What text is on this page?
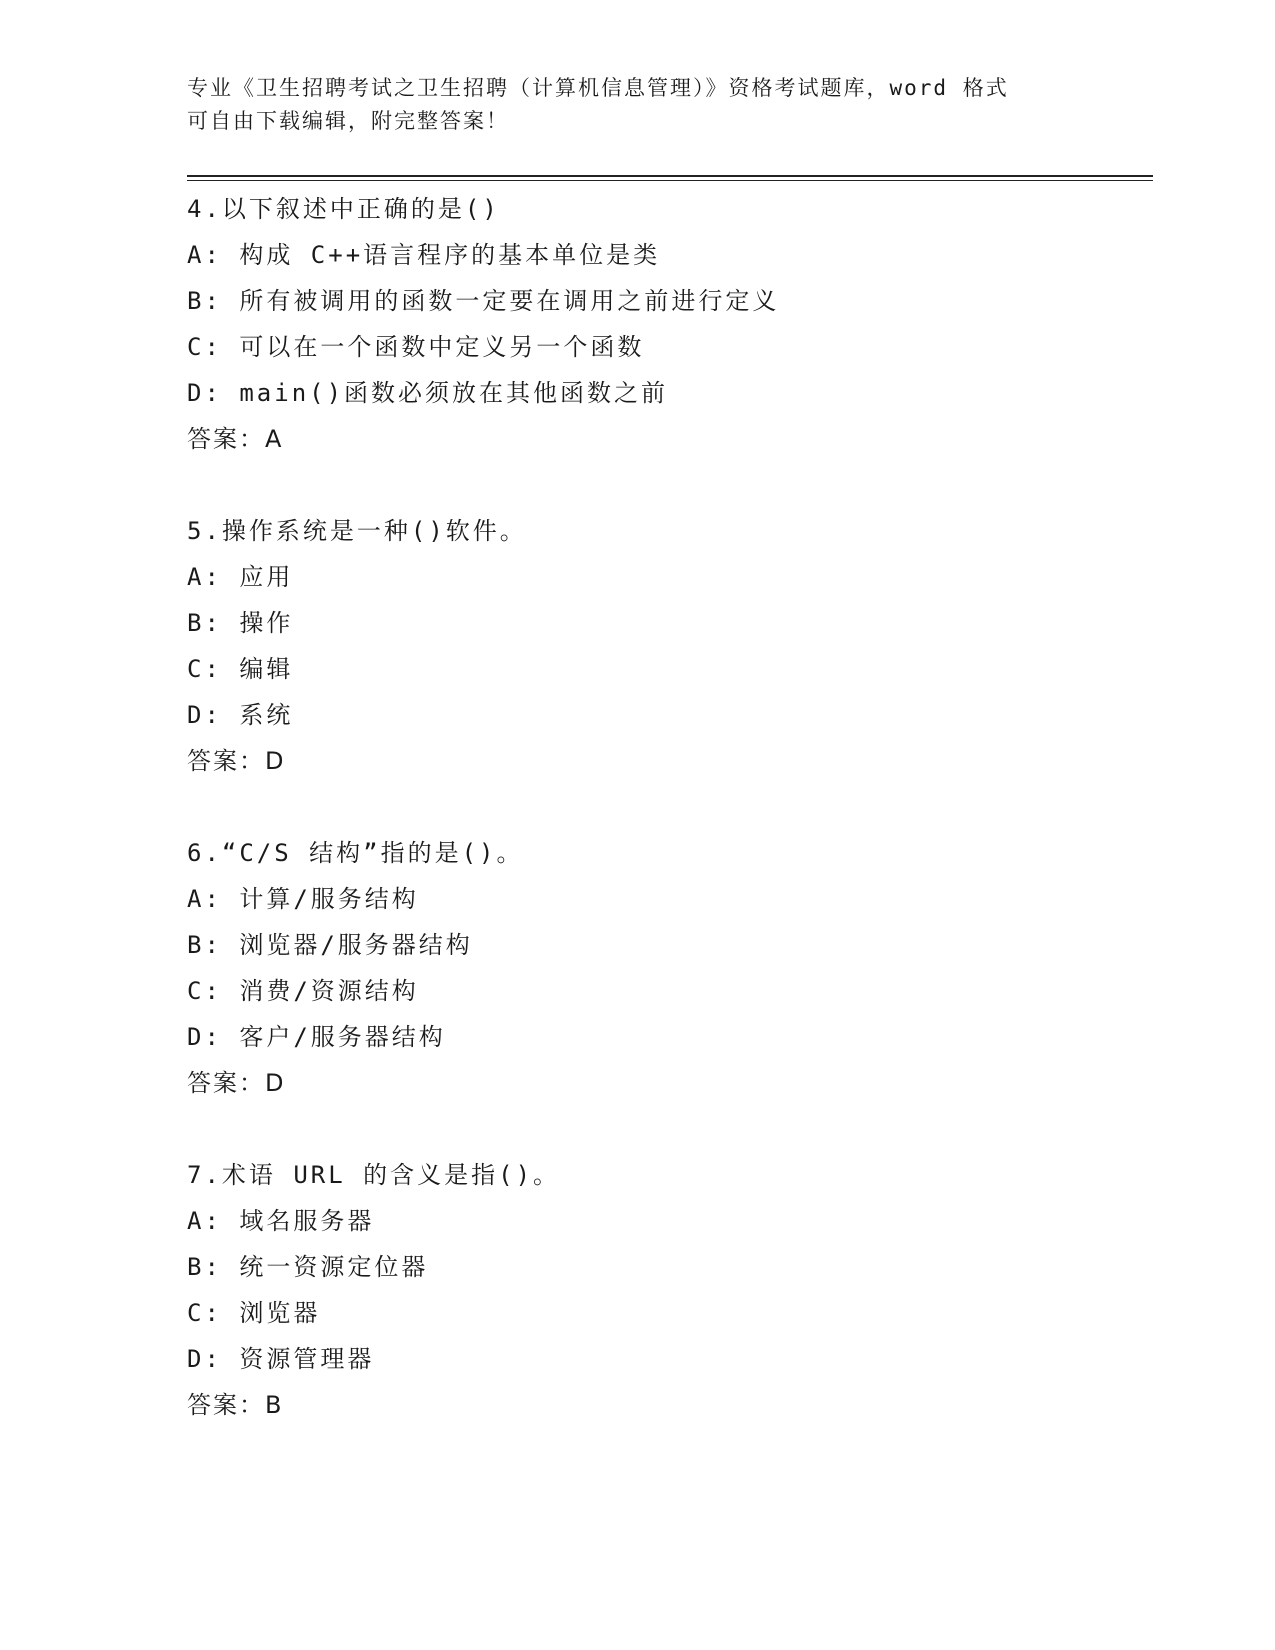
专业《卫生招聘考试之卫生招聘（计算机信息管理）》资格考试题库，word 格式
可自由下载编辑，附完整答案！
4.以下叙述中正确的是()
A: 构成 C++语言程序的基本单位是类
B: 所有被调用的函数一定要在调用之前进行定义
C: 可以在一个函数中定义另一个函数
D: main()函数必须放在其他函数之前
答案：A
5.操作系统是一种()软件。
A: 应用
B: 操作
C: 编辑
D: 系统
答案：D
6.“C/S 结构”指的是()。
A: 计算/服务结构
B: 浏览器/服务器结构
C: 消费/资源结构
D: 客户/服务器结构
答案：D
7.术语 URL 的含义是指()。
A: 域名服务器
B: 统一资源定位器
C: 浏览器
D: 资源管理器
答案：B
